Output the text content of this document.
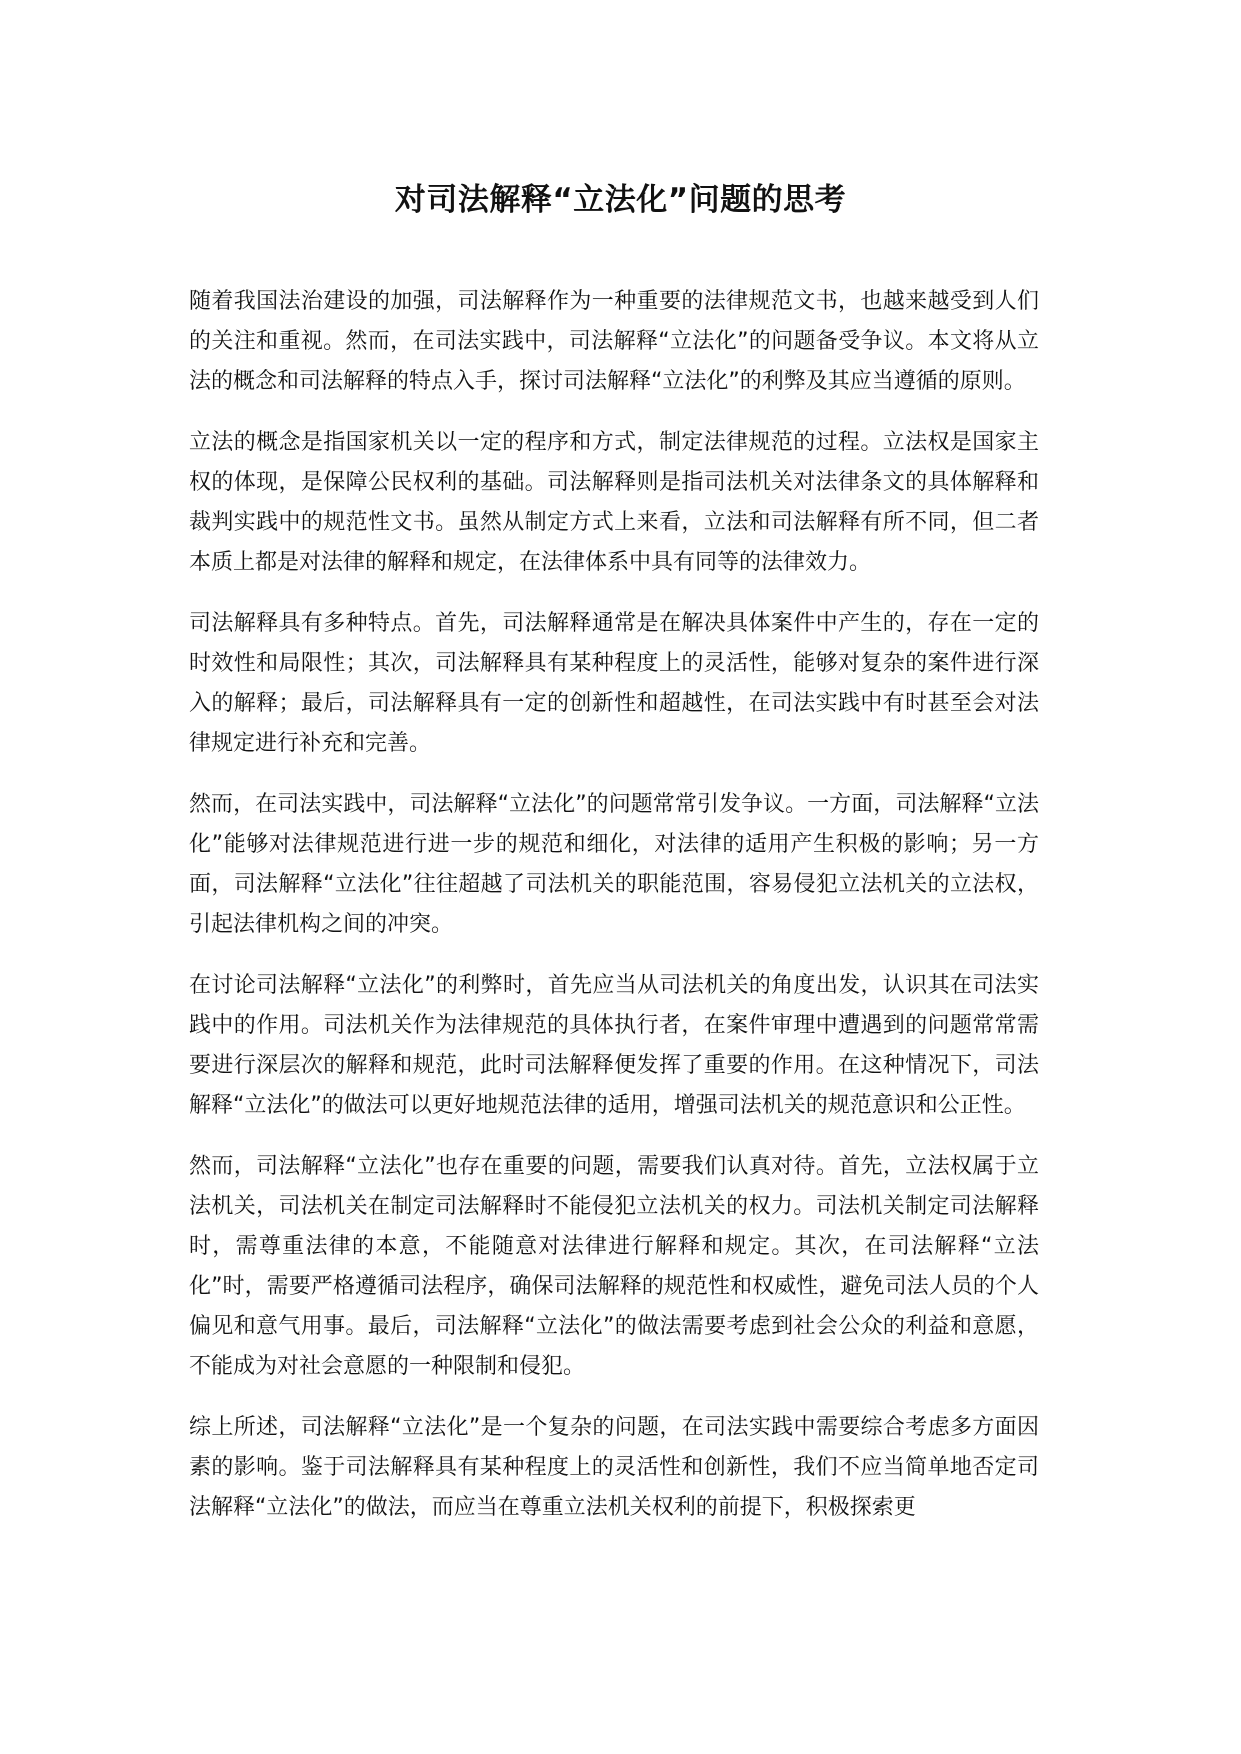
对司法解释“立法化”问题的思考

随着我国法治建设的加强，司法解释作为一种重要的法律规范文书，也越来越受到人们的关注和重视。然而，在司法实践中，司法解释“立法化”的问题备受争议。本文将从立法的概念和司法解释的特点入手，探讨司法解释“立法化”的利弊及其应当遵循的原则。

立法的概念是指国家机关以一定的程序和方式，制定法律规范的过程。立法权是国家主权的体现，是保障公民权利的基础。司法解释则是指司法机关对法律条文的具体解释和裁判实践中的规范性文书。虽然从制定方式上来看，立法和司法解释有所不同，但二者本质上都是对法律的解释和规定，在法律体系中具有同等的法律效力。

司法解释具有多种特点。首先，司法解释通常是在解决具体案件中产生的，存在一定的时效性和局限性；其次，司法解释具有某种程度上的灵活性，能够对复杂的案件进行深入的解释；最后，司法解释具有一定的创新性和超越性，在司法实践中有时甚至会对法律规定进行补充和完善。

然而，在司法实践中，司法解释“立法化”的问题常常引发争议。一方面，司法解释“立法化”能够对法律规范进行进一步的规范和细化，对法律的适用产生积极的影响；另一方面，司法解释“立法化”往往超越了司法机关的职能范围，容易侵犯立法机关的立法权，引起法律机构之间的冲突。

在讨论司法解释“立法化”的利弊时，首先应当从司法机关的角度出发，认识其在司法实践中的作用。司法机关作为法律规范的具体执行者，在案件审理中遭遇到的问题常常需要进行深层次的解释和规范，此时司法解释便发挥了重要的作用。在这种情况下，司法解释“立法化”的做法可以更好地规范法律的适用，增强司法机关的规范意识和公正性。

然而，司法解释“立法化”也存在重要的问题，需要我们认真对待。首先，立法权属于立法机关，司法机关在制定司法解释时不能侵犯立法机关的权力。司法机关制定司法解释时，需尊重法律的本意，不能随意对法律进行解释和规定。其次，在司法解释“立法化”时，需要严格遵循司法程序，确保司法解释的规范性和权威性，避免司法人员的个人偏见和意气用事。最后，司法解释“立法化”的做法需要考虑到社会公众的利益和意愿，不能成为对社会意愿的一种限制和侵犯。

综上所述，司法解释“立法化”是一个复杂的问题，在司法实践中需要综合考虑多方面因素的影响。鉴于司法解释具有某种程度上的灵活性和创新性，我们不应当简单地否定司法解释“立法化”的做法，而应当在尊重立法机关权利的前提下，积极探索更
